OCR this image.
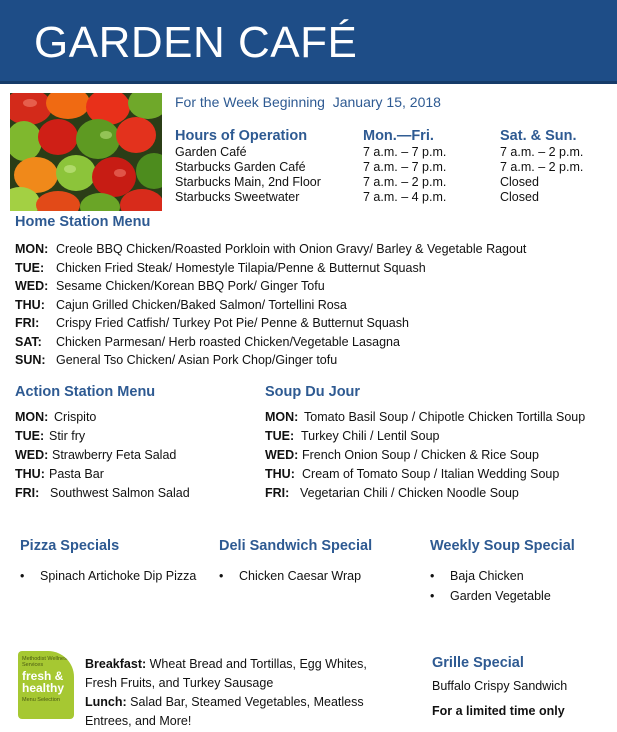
GARDEN CAFÉ
For the Week Beginning January 15, 2018
Hours of Operation	Mon.—Fri.	Sat. & Sun.
Garden Café	7 a.m. – 7 p.m.	7 a.m. – 2 p.m.
Starbucks Garden Café	7 a.m. – 7 p.m.	7 a.m. – 2 p.m.
Starbucks Main, 2nd Floor	7 a.m. – 2 p.m.	Closed
Starbucks Sweetwater	7 a.m. – 4 p.m.	Closed
Home Station Menu
MON: Creole BBQ Chicken/Roasted Porkloin with Onion Gravy/ Barley & Vegetable Ragout
TUE: Chicken Fried Steak/ Homestyle Tilapia/Penne & Butternut Squash
WED: Sesame Chicken/Korean BBQ Pork/ Ginger Tofu
THU: Cajun Grilled Chicken/Baked Salmon/ Tortellini Rosa
FRI: Crispy Fried Catfish/ Turkey Pot Pie/ Penne & Butternut Squash
SAT: Chicken Parmesan/ Herb roasted Chicken/Vegetable Lasagna
SUN: General Tso Chicken/ Asian Pork Chop/Ginger tofu
Action Station Menu
MON: Crispito
TUE: Stir fry
WED: Strawberry Feta Salad
THU: Pasta Bar
FRI: Southwest Salmon Salad
Soup Du Jour
MON: Tomato Basil Soup / Chipotle Chicken Tortilla Soup
TUE: Turkey Chili / Lentil Soup
WED: French Onion Soup / Chicken & Rice Soup
THU: Cream of Tomato Soup / Italian Wedding Soup
FRI: Vegetarian Chili / Chicken Noodle Soup
Pizza Specials
• Spinach Artichoke Dip Pizza
Deli Sandwich Special
• Chicken Caesar Wrap
Weekly Soup Special
• Baja Chicken
• Garden Vegetable
Methodist Wellness Services
fresh &
healthy
Menu Selection
Breakfast: Wheat Bread and Tortillas, Egg Whites, Fresh Fruits, and Turkey Sausage
Lunch: Salad Bar, Steamed Vegetables, Meatless Entrees, and More!
Grille Special
Buffalo Crispy Sandwich
For a limited time only
